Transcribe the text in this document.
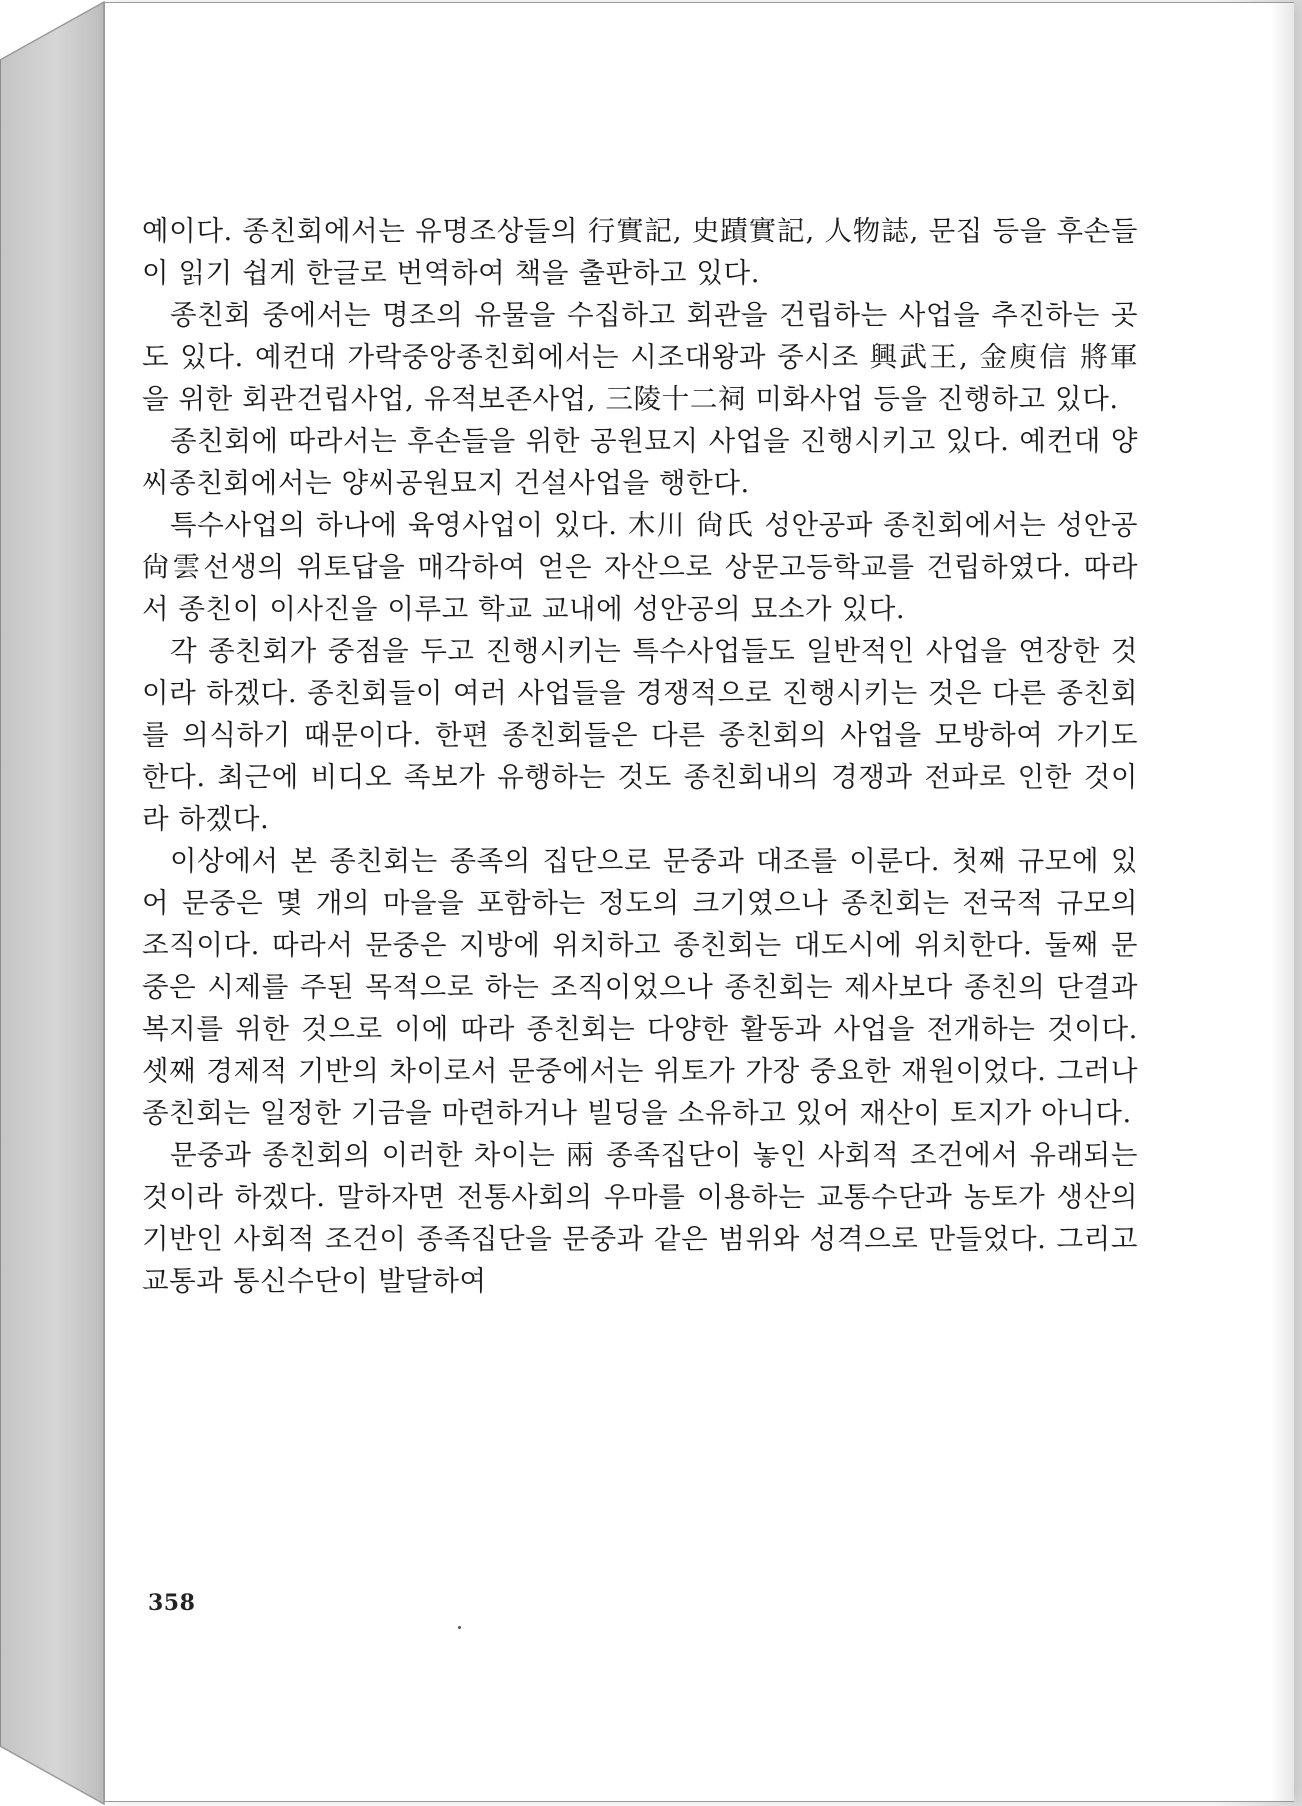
예이다. 종친회에서는 유명조상들의 行實記, 史蹟實記, 人物誌, 문집 등을 후손들이 읽기 쉽게 한글로 번역하여 책을 출판하고 있다.

종친회 중에서는 명조의 유물을 수집하고 회관을 건립하는 사업을 추진하는 곳도 있다. 예컨대 가락중앙종친회에서는 시조대왕과 중시조 興武王, 金庾信 將軍을 위한 회관건립사업, 유적보존사업, 三陵十二祠 미화사업 등을 진행하고 있다.

종친회에 따라서는 후손들을 위한 공원묘지 사업을 진행시키고 있다. 예컨대 양씨종친회에서는 양씨공원묘지 건설사업을 행한다.

특수사업의 하나에 육영사업이 있다. 木川 尙氏 성안공파 종친회에서는 성안공 尙雲선생의 위토답을 매각하여 얻은 자산으로 상문고등학교를 건립하였다. 따라서 종친이 이사진을 이루고 학교 교내에 성안공의 묘소가 있다.

각 종친회가 중점을 두고 진행시키는 특수사업들도 일반적인 사업을 연장한 것이라 하겠다. 종친회들이 여러 사업들을 경쟁적으로 진행시키는 것은 다른 종친회를 의식하기 때문이다. 한편 종친회들은 다른 종친회의 사업을 모방하여 가기도 한다. 최근에 비디오 족보가 유행하는 것도 종친회내의 경쟁과 전파로 인한 것이라 하겠다.

이상에서 본 종친회는 종족의 집단으로 문중과 대조를 이룬다. 첫째 규모에 있어 문중은 몇 개의 마을을 포함하는 정도의 크기였으나 종친회는 전국적 규모의 조직이다. 따라서 문중은 지방에 위치하고 종친회는 대도시에 위치한다. 둘째 문중은 시제를 주된 목적으로 하는 조직이었으나 종친회는 제사보다 종친의 단결과 복지를 위한 것으로 이에 따라 종친회는 다양한 활동과 사업을 전개하는 것이다. 셋째 경제적 기반의 차이로서 문중에서는 위토가 가장 중요한 재원이었다. 그러나 종친회는 일정한 기금을 마련하거나 빌딩을 소유하고 있어 재산이 토지가 아니다.

문중과 종친회의 이러한 차이는 兩 종족집단이 놓인 사회적 조건에서 유래되는 것이라 하겠다. 말하자면 전통사회의 우마를 이용하는 교통수단과 농토가 생산의 기반인 사회적 조건이 종족집단을 문중과 같은 범위와 성격으로 만들었다. 그리고 교통과 통신수단이 발달하여

358
